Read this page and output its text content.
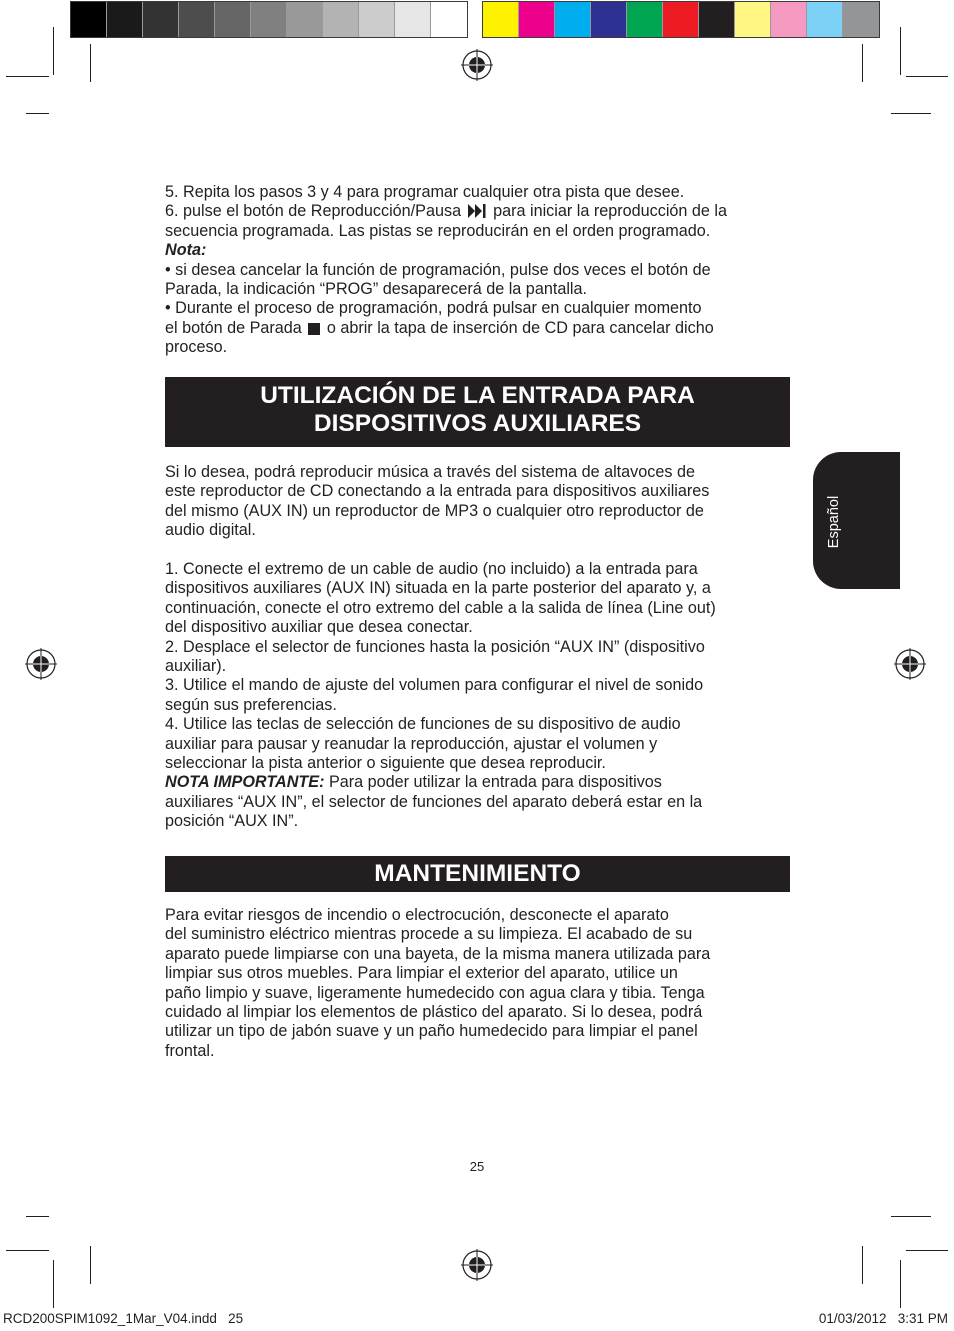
5. Repita los pasos 3 y 4 para programar cualquier otra pista que desee.
6. pulse el botón de Reproducción/Pausa para iniciar la reproducción de la
secuencia programada. Las pistas se reproducirán en el orden programado.
Nota:
• si desea cancelar la función de programación, pulse dos veces el botón de
Parada, la indicación “PROG” desaparecerá de la pantalla.
• Durante el proceso de programación, podrá pulsar en cualquier momento
el botón de Parada o abrir la tapa de inserción de CD para cancelar dicho
proceso.
UTILIZACIÓN DE LA ENTRADA PARA
DISPOSITIVOS AUXILIARES
Si lo desea, podrá reproducir música a través del sistema de altavoces de
este reproductor de CD conectando a la entrada para dispositivos auxiliares
del mismo (AUX IN) un reproductor de MP3 o cualquier otro reproductor de
audio digital.
1. Conecte el extremo de un cable de audio (no incluido) a la entrada para
dispositivos auxiliares (AUX IN) situada en la parte posterior del aparato y, a
continuación, conecte el otro extremo del cable a la salida de línea (Line out)
del dispositivo auxiliar que desea conectar.
2. Desplace el selector de funciones hasta la posición “AUX IN” (dispositivo
auxiliar).
3. Utilice el mando de ajuste del volumen para configurar el nivel de sonido
según sus preferencias.
4. Utilice las teclas de selección de funciones de su dispositivo de audio
auxiliar para pausar y reanudar la reproducción, ajustar el volumen y
seleccionar la pista anterior o siguiente que desea reproducir.
NOTA IMPORTANTE: Para poder utilizar la entrada para dispositivos
auxiliares “AUX IN”, el selector de funciones del aparato deberá estar en la
posición “AUX IN”.
MANTENIMIENTO
Para evitar riesgos de incendio o electrocución, desconecte el aparato
del suministro eléctrico mientras procede a su limpieza. El acabado de su
aparato puede limpiarse con una bayeta, de la misma manera utilizada para
limpiar sus otros muebles. Para limpiar el exterior del aparato, utilice un
paño limpio y suave, ligeramente humedecido con agua clara y tibia. Tenga
cuidado al limpiar los elementos de plástico del aparato. Si lo desea, podrá
utilizar un tipo de jabón suave y un paño humedecido para limpiar el panel
frontal.
Español
25
RCD200SPIM1092_1Mar_V04.indd   25	01/03/2012   3:31 PM
